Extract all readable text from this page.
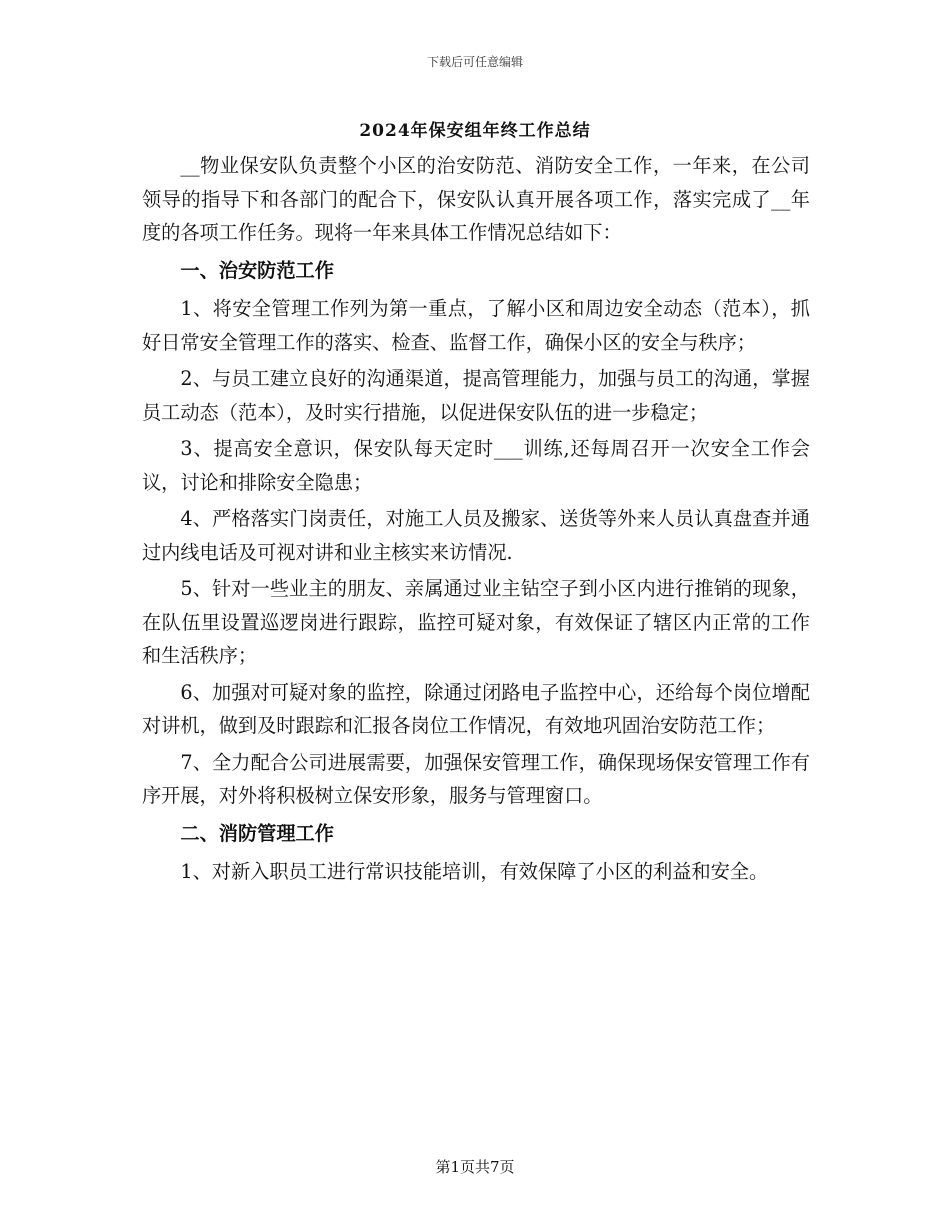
下载后可任意编辑
2024年保安组年终工作总结

__物业保安队负责整个小区的治安防范、消防安全工作，一年来，在公司领导的指导下和各部门的配合下，保安队认真开展各项工作，落实完成了__年度的各项工作任务。现将一年来具体工作情况总结如下：

一、治安防范工作

1、将安全管理工作列为第一重点，了解小区和周边安全动态（范本），抓好日常安全管理工作的落实、检查、监督工作，确保小区的安全与秩序；

2、与员工建立良好的沟通渠道，提高管理能力，加强与员工的沟通，掌握员工动态（范本），及时实行措施，以促进保安队伍的进一步稳定；

3、提高安全意识，保安队每天定时___训练,还每周召开一次安全工作会议，讨论和排除安全隐患；

4、严格落实门岗责任，对施工人员及搬家、送货等外来人员认真盘查并通过内线电话及可视对讲和业主核实来访情况.

5、针对一些业主的朋友、亲属通过业主钻空子到小区内进行推销的现象，在队伍里设置巡逻岗进行跟踪，监控可疑对象，有效保证了辖区内正常的工作和生活秩序；

6、加强对可疑对象的监控，除通过闭路电子监控中心，还给每个岗位增配对讲机，做到及时跟踪和汇报各岗位工作情况，有效地巩固治安防范工作；

7、全力配合公司进展需要，加强保安管理工作，确保现场保安管理工作有序开展，对外将积极树立保安形象，服务与管理窗口。

二、消防管理工作

1、对新入职员工进行常识技能培训，有效保障了小区的利益和安全。

第1页共7页
